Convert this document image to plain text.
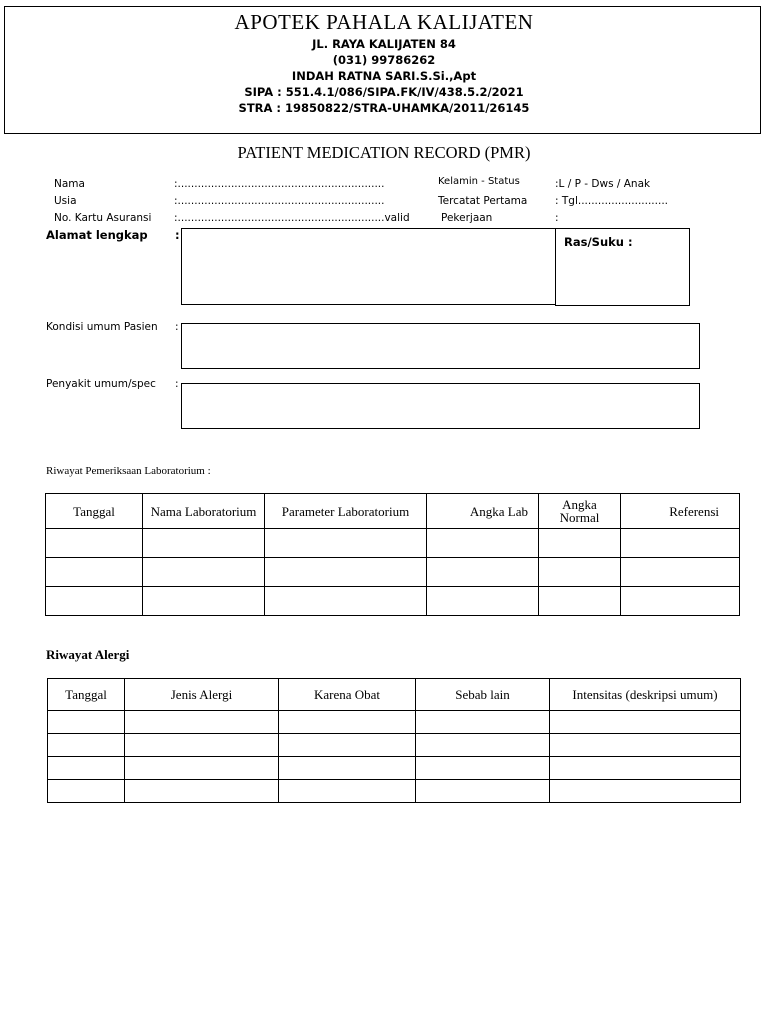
APOTEK PAHALA KALIJATEN
JL. RAYA KALIJATEN 84
(031) 99786262
INDAH RATNA SARI.S.Si.,Apt
SIPA : 551.4.1/086/SIPA.FK/IV/438.5.2/2021
STRA : 19850822/STRA-UHAMKA/2011/26145
PATIENT MEDICATION RECORD (PMR)
Nama	:..............................................................
Usia	:..............................................................
No. Kartu Asuransi :..............................................................valid
Kelamin - Status	:L / P - Dws / Anak
Tercatat Pertama	: Tgl...........................
Pekerjaan	:
Alamat lengkap :	Ras/Suku :
Kondisi umum Pasien :
Penyakit umum/spec :
Riwayat Pemeriksaan Laboratorium :
Tanggal	Nama Laboratorium	Parameter Laboratorium	Angka Lab	Angka Normal	Referensi

Riwayat Alergi
Tanggal	Jenis Alergi	Karena Obat	Sebab lain	Intensitas (deskripsi umum)
